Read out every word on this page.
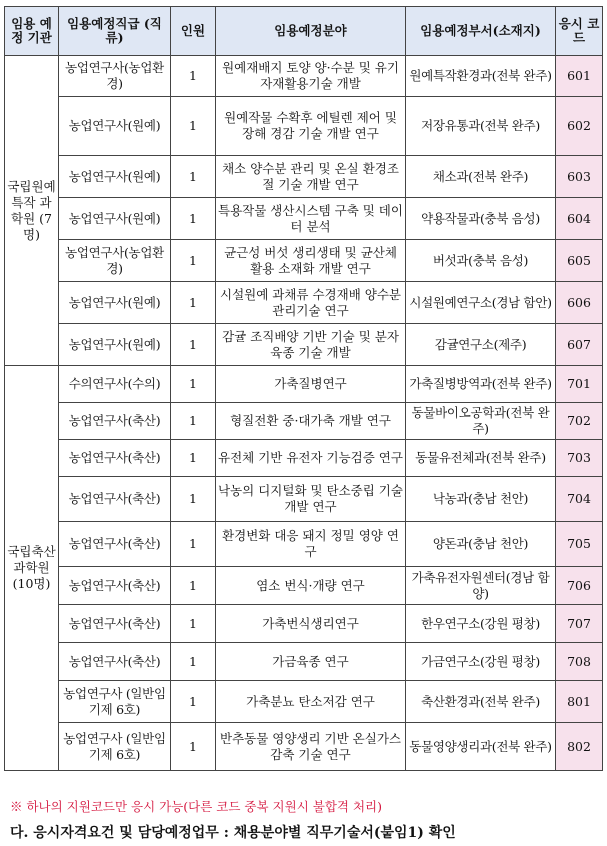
임용 예정 기관	임용예정직급 (직류)	인원	임용예정분야	임용예정부서(소재지)	응시 코드
국립원예 특작 과학원 (7명)	농업연구사(농업환경)	1	원예재배지 토양 양·수분 및 유기자재활용기술 개발	원예특작환경과(전북 완주)	601
	농업연구사(원예)	1	원예작물 수확후 에틸렌 제어 및 장해 경감 기술 개발 연구	저장유통과(전북 완주)	602
	농업연구사(원예)	1	채소 양수분 관리 및 온실 환경조절 기술 개발 연구	채소과(전북 완주)	603
	농업연구사(원예)	1	특용작물 생산시스템 구축 및 데이터 분석	약용작물과(충북 음성)	604
	농업연구사(농업환경)	1	균근성 버섯 생리생태 및 균산체 활용 소재화 개발 연구	버섯과(충북 음성)	605
	농업연구사(원예)	1	시설원예 과채류 수경재배 양수분 관리기술 연구	시설원예연구소(경남 함안)	606
	농업연구사(원예)	1	감귤 조직배양 기반 기술 및 분자 육종 기술 개발	감귤연구소(제주)	607
국립축산 과학원 (10명)	수의연구사(수의)	1	가축질병연구	가축질병방역과(전북 완주)	701
	농업연구사(축산)	1	형질전환 중·대가축 개발 연구	동물바이오공학과(전북 완주)	702
	농업연구사(축산)	1	유전체 기반 유전자 기능검증 연구	동물유전체과(전북 완주)	703
	농업연구사(축산)	1	낙농의 디지털화 및 탄소중립 기술개발 연구	낙농과(충남 천안)	704
	농업연구사(축산)	1	환경변화 대응 돼지 정밀 영양 연구	양돈과(충남 천안)	705
	농업연구사(축산)	1	염소 번식·개량 연구	가축유전자원센터(경남 함양)	706
	농업연구사(축산)	1	가축번식생리연구	한우연구소(강원 평창)	707
	농업연구사(축산)	1	가금육종 연구	가금연구소(강원 평창)	708
	농업연구사 (일반임기제 6호)	1	가축분뇨 탄소저감 연구	축산환경과(전북 완주)	801
	농업연구사 (일반임기제 6호)	1	반추동물 영양생리 기반 온실가스 감축 기술 연구	동물영양생리과(전북 완주)	802
※ 하나의 지원코드만 응시 가능(다른 코드 중복 지원시 불합격 처리)
다. 응시자격요건 및 담당예정업무 : 채용분야별 직무기술서(붙임1) 확인
